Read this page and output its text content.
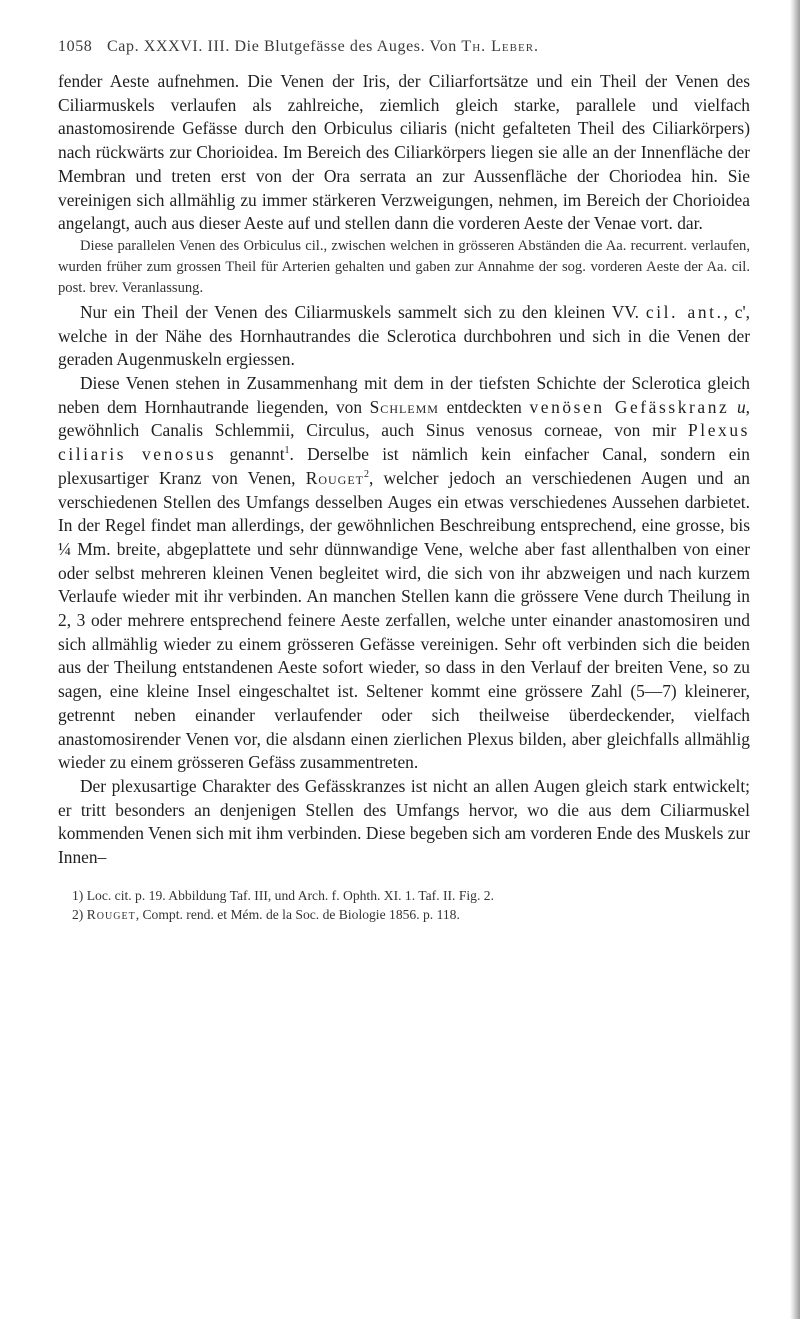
1058 Cap. XXXVI. III. Die Blutgefässe des Auges. Von Th. Leber.

fender Aeste aufnehmen. Die Venen der Iris, der Ciliarfortsätze und ein Theil der Venen des Ciliarmuskels verlaufen als zahlreiche, ziemlich gleich starke, parallele und vielfach anastomosirende Gefässe durch den Orbiculus ciliaris (nicht gefalteten Theil des Ciliarkörpers) nach rückwärts zur Chorioidea. Im Bereich des Ciliarkörpers liegen sie alle an der Innenfläche der Membran und treten erst von der Ora serrata an zur Aussenfläche der Choriodea hin. Sie vereinigen sich allmählig zu immer stärkeren Verzweigungen, nehmen, im Bereich der Chorioidea angelangt, auch aus dieser Aeste auf und stellen dann die vorderen Aeste der Venae vort. dar.

Diese parallelen Venen des Orbiculus cil., zwischen welchen in grösseren Abständen die Aa. recurrent. verlaufen, wurden früher zum grossen Theil für Arterien gehalten und gaben zur Annahme der sog. vorderen Aeste der Aa. cil. post. brev. Veranlassung.

Nur ein Theil der Venen des Ciliarmuskels sammelt sich zu den kleinen VV. cil. ant., c', welche in der Nähe des Hornhautrandes die Sclerotica durchbohren und sich in die Venen der geraden Augenmuskeln ergiessen.

Diese Venen stehen in Zusammenhang mit dem in der tiefsten Schichte der Sclerotica gleich neben dem Hornhautrande liegenden, von Schlemm entdeckten venösen Gefässkranz u, gewöhnlich Canalis Schlemmii, Circulus, auch Sinus venosus corneae, von mir Plexus ciliaris venosus genannt$^1$. Derselbe ist nämlich kein einfacher Canal, sondern ein plexusartiger Kranz von Venen, Rouget$^2$, welcher jedoch an verschiedenen Augen und an verschiedenen Stellen des Umfangs desselben Auges ein etwas verschiedenes Aussehen darbietet. In der Regel findet man allerdings, der gewöhnlichen Beschreibung entsprechend, eine grosse, bis ¼ Mm. breite, abgeplattete und sehr dünnwandige Vene, welche aber fast allenthalben von einer oder selbst mehreren kleinen Venen begleitet wird, die sich von ihr abzweigen und nach kurzem Verlaufe wieder mit ihr verbinden. An manchen Stellen kann die grössere Vene durch Theilung in 2, 3 oder mehrere entsprechend feinere Aeste zerfallen, welche unter einander anastomosiren und sich allmählig wieder zu einem grösseren Gefässe vereinigen. Sehr oft verbinden sich die beiden aus der Theilung entstandenen Aeste sofort wieder, so dass in den Verlauf der breiten Vene, so zu sagen, eine kleine Insel eingeschaltet ist. Seltener kommt eine grössere Zahl (5—7) kleinerer, getrennt neben einander verlaufender oder sich theilweise überdeckender, vielfach anastomosirender Venen vor, die alsdann einen zierlichen Plexus bilden, aber gleichfalls allmählig wieder zu einem grösseren Gefäss zusammentreten.

Der plexusartige Charakter des Gefässkranzes ist nicht an allen Augen gleich stark entwickelt; er tritt besonders an denjenigen Stellen des Umfangs hervor, wo die aus dem Ciliarmuskel kommenden Venen sich mit ihm verbinden. Diese begeben sich am vorderen Ende des Muskels zur Innen–

1) Loc. cit. p. 19. Abbildung Taf. III, und Arch. f. Ophth. XI. 1. Taf. II. Fig. 2.
2) Rouget, Compt. rend. et Mém. de la Soc. de Biologie 1856. p. 118.
